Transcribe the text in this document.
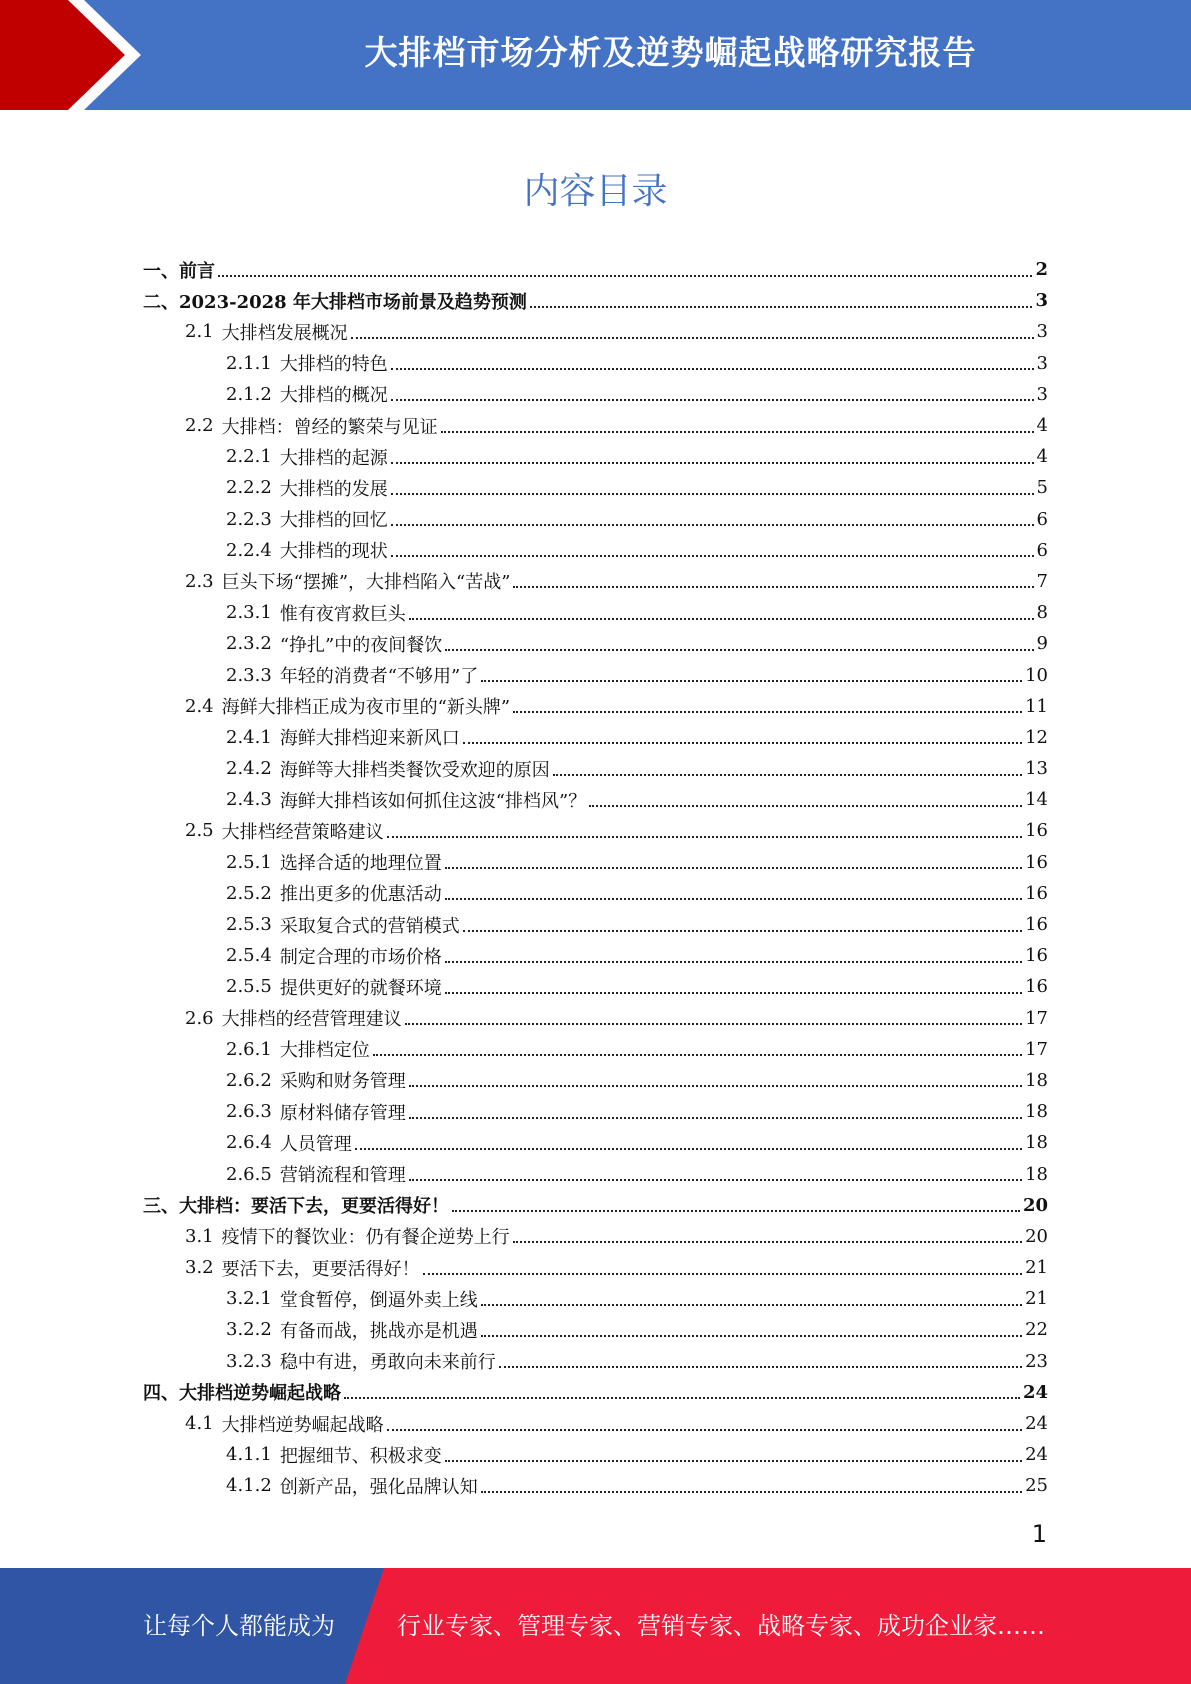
大排档市场分析及逆势崛起战略研究报告
内容目录
一、前言	2
二、2023-2028 年大排档市场前景及趋势预测	3
2.1 大排档发展概况	3
2.1.1 大排档的特色	3
2.1.2 大排档的概况	3
2.2 大排档：曾经的繁荣与见证	4
2.2.1 大排档的起源	4
2.2.2 大排档的发展	5
2.2.3 大排档的回忆	6
2.2.4 大排档的现状	6
2.3 巨头下场“摆摊”，大排档陷入“苦战”	7
2.3.1 惟有夜宵救巨头	8
2.3.2 “挣扎”中的夜间餐饮	9
2.3.3 年轻的消费者“不够用”了	10
2.4 海鲜大排档正成为夜市里的“新头牌”	11
2.4.1 海鲜大排档迎来新风口	12
2.4.2 海鲜等大排档类餐饮受欢迎的原因	13
2.4.3 海鲜大排档该如何抓住这波“排档风”？	14
2.5 大排档经营策略建议	16
2.5.1 选择合适的地理位置	16
2.5.2 推出更多的优惠活动	16
2.5.3 采取复合式的营销模式	16
2.5.4 制定合理的市场价格	16
2.5.5 提供更好的就餐环境	16
2.6 大排档的经营管理建议	17
2.6.1 大排档定位	17
2.6.2 采购和财务管理	18
2.6.3 原材料储存管理	18
2.6.4 人员管理	18
2.6.5 营销流程和管理	18
三、大排档：要活下去，更要活得好！	20
3.1 疫情下的餐饮业：仍有餐企逆势上行	20
3.2 要活下去，更要活得好！	21
3.2.1 堂食暂停，倒逼外卖上线	21
3.2.2 有备而战，挑战亦是机遇	22
3.2.3 稳中有进，勇敢向未来前行	23
四、大排档逆势崛起战略	24
4.1 大排档逆势崛起战略	24
4.1.1 把握细节、积极求变	24
4.1.2 创新产品，强化品牌认知	25
1
让每个人都能成为	行业专家、管理专家、营销专家、战略专家、成功企业家……
